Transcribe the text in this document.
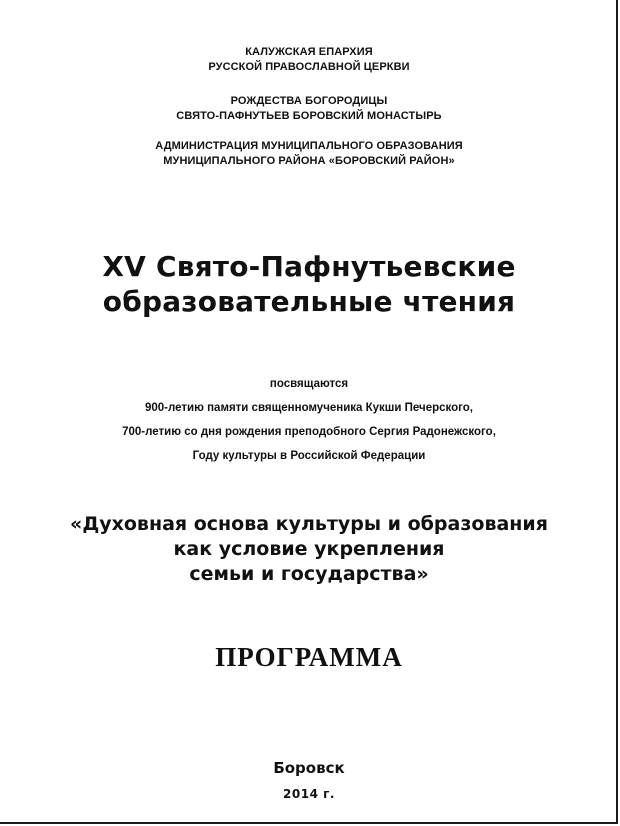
КАЛУЖСКАЯ ЕПАРХИЯ
РУССКОЙ ПРАВОСЛАВНОЙ ЦЕРКВИ
РОЖДЕСТВА БОГОРОДИЦЫ
СВЯТО-ПАФНУТЬЕВ БОРОВСКИЙ МОНАСТЫРЬ
АДМИНИСТРАЦИЯ МУНИЦИПАЛЬНОГО ОБРАЗОВАНИЯ
МУНИЦИПАЛЬНОГО РАЙОНА «БОРОВСКИЙ РАЙОН»
XV Свято-Пафнутьевские
образовательные чтения
посвящаются
900-летию памяти священномученика Кукши Печерского,
700-летию со дня рождения преподобного Сергия Радонежского,
Году культуры в Российской Федерации
«Духовная основа культуры и образования
как условие укрепления
семьи и государства»
ПРОГРАММА
Боровск
2014 г.
